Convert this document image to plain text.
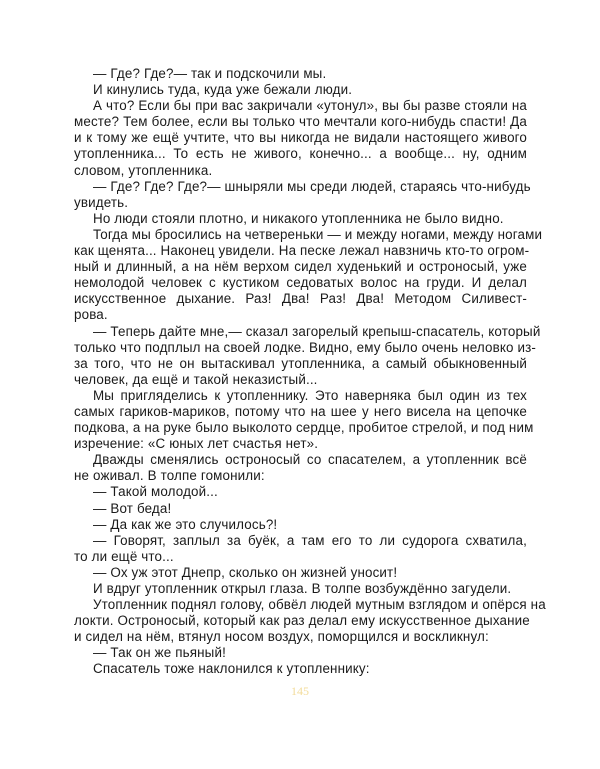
— Где? Где?— так и подскочили мы.
И кинулись туда, куда уже бежали люди.
А что? Если бы при вас закричали «утонул», вы бы разве стояли на
месте? Тем более, если вы только что мечтали кого-нибудь спасти! Да
и к тому же ещё учтите, что вы никогда не видали настоящего живого
утопленника... То есть не живого, конечно... а вообще... ну, одним
словом, утопленника.
— Где? Где? Где?— шныряли мы среди людей, стараясь что-нибудь
увидеть.
Но люди стояли плотно, и никакого утопленника не было видно.
Тогда мы бросились на четвереньки — и между ногами, между ногами
как щенята... Наконец увидели. На песке лежал навзничь кто-то огром-
ный и длинный, а на нём верхом сидел худенький и остроносый, уже
немолодой человек с кустиком седоватых волос на груди. И делал
искусственное дыхание. Раз! Два! Раз! Два! Методом Силивест-
рова.
— Теперь дайте мне,— сказал загорелый крепыш-спасатель, который
только что подплыл на своей лодке. Видно, ему было очень неловко из-
за того, что не он вытаскивал утопленника, а самый обыкновенный
человек, да ещё и такой неказистый...
Мы пригляделись к утопленнику. Это наверняка был один из тех
самых гариков-мариков, потому что на шее у него висела на цепочке
подкова, а на руке было выколото сердце, пробитое стрелой, и под ним
изречение: «С юных лет счастья нет».
Дважды сменялись остроносый со спасателем, а утопленник всё
не оживал. В толпе гомонили:
— Такой молодой...
— Вот беда!
— Да как же это случилось?!
— Говорят, заплыл за буёк, а там его то ли судорога схватила,
то ли ещё что...
— Ох уж этот Днепр, сколько он жизней уносит!
И вдруг утопленник открыл глаза. В толпе возбуждённо загудели.
Утопленник поднял голову, обвёл людей мутным взглядом и опёрся на
локти. Остроносый, который как раз делал ему искусственное дыхание
и сидел на нём, втянул носом воздух, поморщился и воскликнул:
— Так он же пьяный!
Спасатель тоже наклонился к утопленнику:
145
